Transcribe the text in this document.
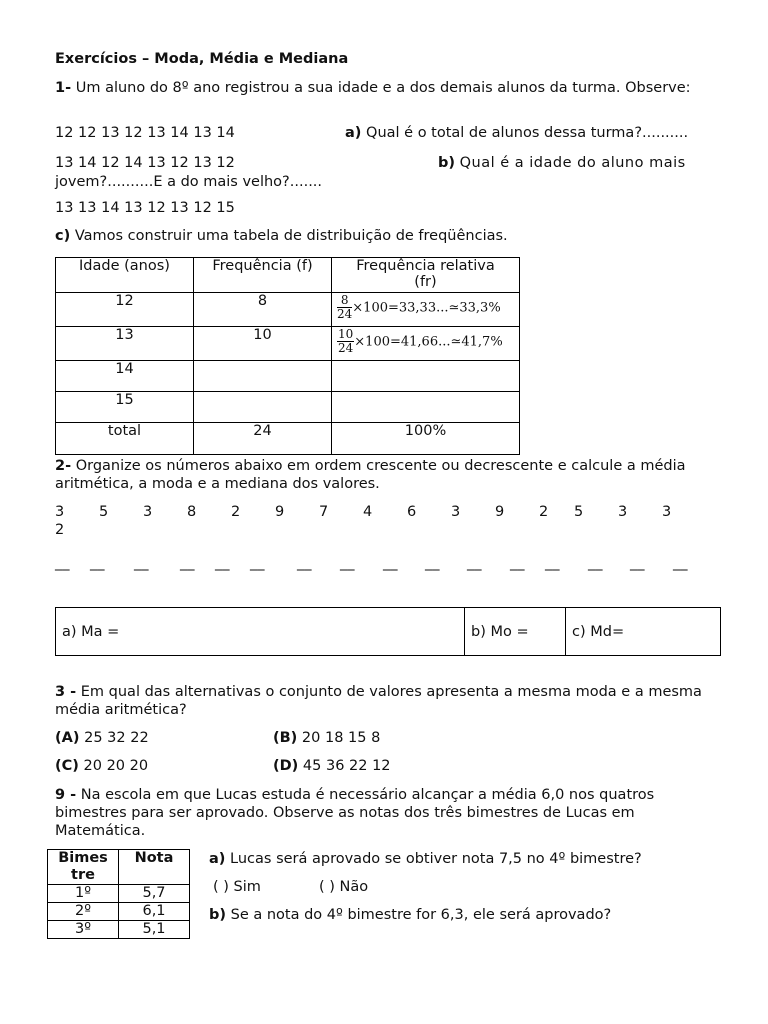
Exercícios – Moda, Média e Mediana
1- Um aluno do 8º ano registrou a sua idade e a dos demais alunos da turma. Observe:
12 12 13 12 13 14 13 14	a) Qual é o total de alunos dessa turma?..........
13 14 12 14 13 12 13 12	b) Qual é a idade do aluno mais
jovem?..........E a do mais velho?.......
13 13 14 13 12 13 12 15
c) Vamos construir uma tabela de distribuição de freqüências.
Idade (anos)	Frequência (f)	Frequência relativa
(fr)
12	8	$\frac{8}{24}$ ×100=33,33...≃33,3%
13	10	$\frac{10}{24}$ ×100=41,66...≃41,7%
14		
15		
total	24	100%
2- Organize os números abaixo em ordem crescente ou decrescente e calcule a média aritmética, a moda e a mediana dos valores.
3 5 3 8 2 9 7 4 6 3 9 2 5 3 3
2
__ __ __ __ __ __ __ __ __ __ __ __ __ __ __ __
a) Ma =	b) Mo =	c) Md=
3 - Em qual das alternativas o conjunto de valores apresenta a mesma moda e a mesma média aritmética?
(A) 25 32 22	(B) 20 18 15 8
(C) 20 20 20	(D) 45 36 22 12
9 - Na escola em que Lucas estuda é necessário alcançar a média 6,0 nos quatros bimestres para ser aprovado. Observe as notas dos três bimestres de Lucas em Matemática.
Bimes
tre	Nota
1º	5,7
2º	6,1
3º	5,1
a) Lucas será aprovado se obtiver nota 7,5 no 4º bimestre?
( ) Sim	( ) Não
b) Se a nota do 4º bimestre for 6,3, ele será aprovado?
